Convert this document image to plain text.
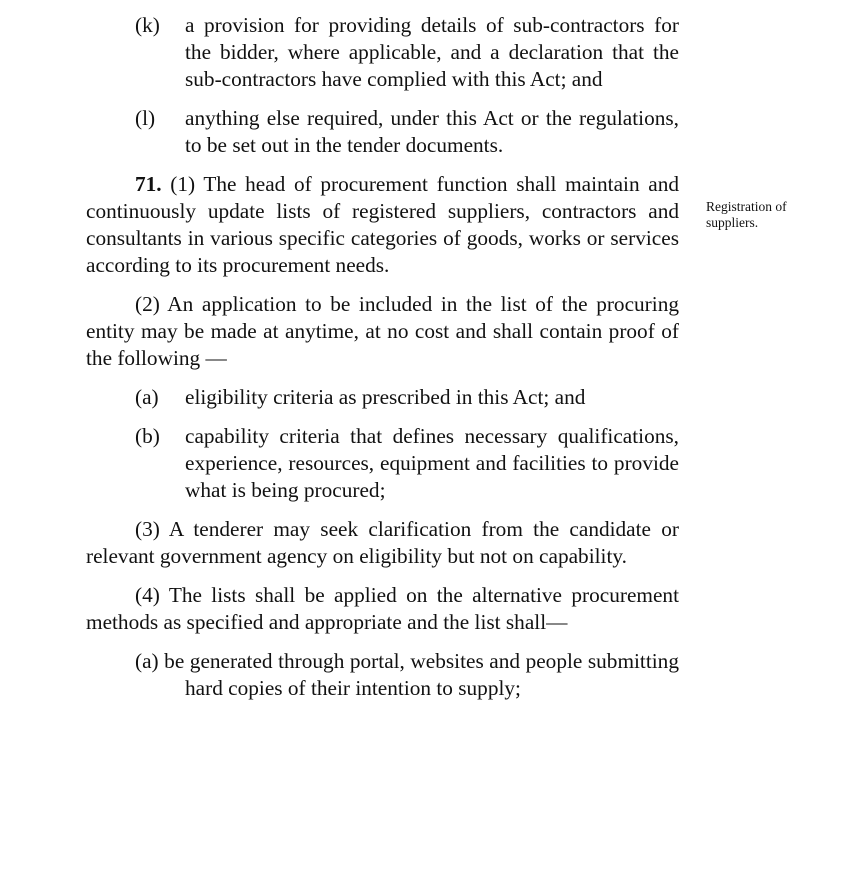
(k) a provision for providing details of sub-contractors for the bidder, where applicable, and a declaration that the sub-contractors have complied with this Act; and
(l) anything else required, under this Act or the regulations, to be set out in the tender documents.

71. (1) The head of procurement function shall maintain and continuously update lists of registered suppliers, contractors and consultants in various specific categories of goods, works or services according to its procurement needs.

(2) An application to be included in the list of the procuring entity may be made at anytime, at no cost and shall contain proof of the following —

(a) eligibility criteria as prescribed in this Act; and
(b) capability criteria that defines necessary qualifications, experience, resources, equipment and facilities to provide what is being procured;

(3) A tenderer may seek clarification from the candidate or relevant government agency on eligibility but not on capability.

(4) The lists shall be applied on the alternative procurement methods as specified and appropriate and the list shall—

(a) be generated through portal, websites and people submitting hard copies of their intention to supply;
Registration of suppliers.
